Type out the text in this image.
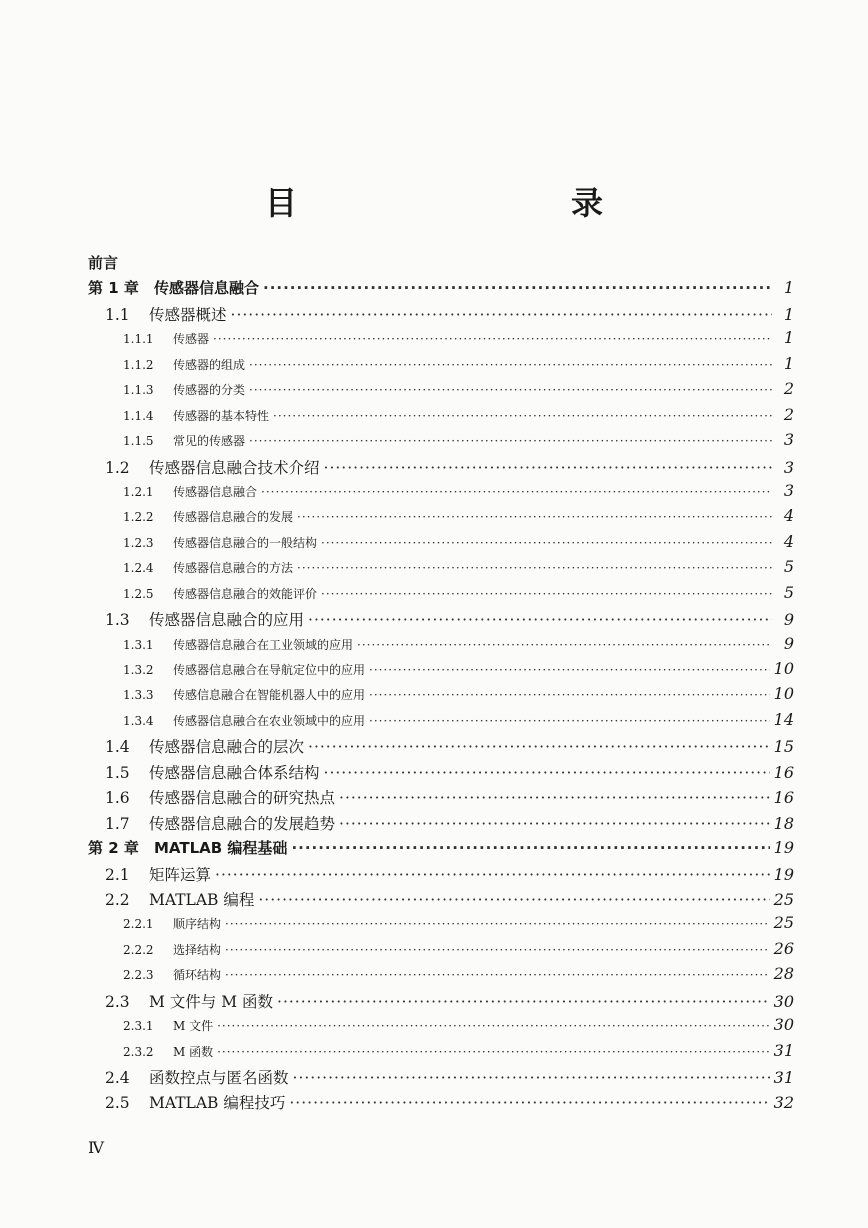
目　　录
前言
第 1 章	传感器信息融合 ·····	1
1.1	传感器概述 ·····	1
1.1.1	传感器 ·····	1
1.1.2	传感器的组成 ·····	1
1.1.3	传感器的分类 ·····	2
1.1.4	传感器的基本特性 ·····	2
1.1.5	常见的传感器 ·····	3
1.2	传感器信息融合技术介绍 ·····	3
1.2.1	传感器信息融合 ·····	3
1.2.2	传感器信息融合的发展 ·····	4
1.2.3	传感器信息融合的一般结构 ·····	4
1.2.4	传感器信息融合的方法 ·····	5
1.2.5	传感器信息融合的效能评价 ·····	5
1.3	传感器信息融合的应用 ·····	9
1.3.1	传感器信息融合在工业领域的应用 ·····	9
1.3.2	传感器信息融合在导航定位中的应用 ·····	10
1.3.3	传感信息融合在智能机器人中的应用 ·····	10
1.3.4	传感器信息融合在农业领域中的应用 ·····	14
1.4	传感器信息融合的层次 ·····	15
1.5	传感器信息融合体系结构 ·····	16
1.6	传感器信息融合的研究热点 ·····	16
1.7	传感器信息融合的发展趋势 ·····	18
第 2 章	MATLAB 编程基础 ·····	19
2.1	矩阵运算 ·····	19
2.2	MATLAB 编程 ·····	25
2.2.1	顺序结构 ·····	25
2.2.2	选择结构 ·····	26
2.2.3	循环结构 ·····	28
2.3	M 文件与 M 函数 ·····	30
2.3.1	M 文件 ·····	30
2.3.2	M 函数 ·····	31
2.4	函数控点与匿名函数 ·····	31
2.5	MATLAB 编程技巧 ·····	32
Ⅳ
